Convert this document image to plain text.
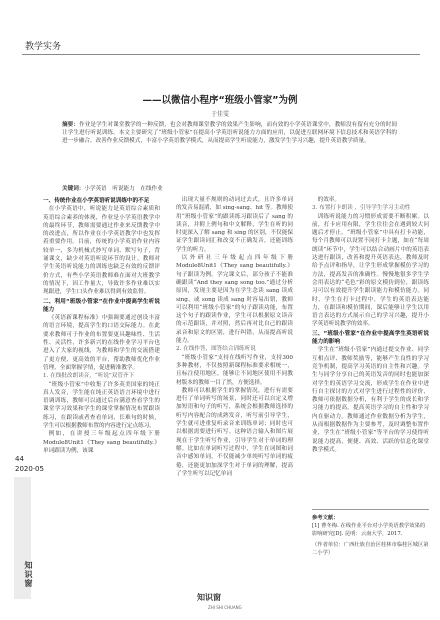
教学实务
——以微信小程序“班级小管家”为例
于佳雯
摘要：作业是学生对课堂教学的一种反馈，也会对教师课堂教学的效果产生影响，而有效的小学英语课堂中，教师没有留有充分的时间让学生进行听说训练。本文主要研究了“班级小管家”在提高小学英语听说能力方面的应用，以促进互联网环境下信息技术和英语学科的进一步融合，改善作业反馈模式，丰富小学英语教学模式，从而提高学生听说能力，激发学生学习兴趣，提升英语教学质量。
关键词：小学英语　听说能力　在线作业

一、传统作业在小学英语听说训练中的不足

在小学英语中，听说能力是英语综合素质和英语综合素养的体现，作业是小学英语教学中的最终环节，教师需要通过作业来反馈教学中的改进点，所以作业在小学英语教学中也发挥着重要作用。目前，传统的小学英语作业内容较单一，多为机械式抄写单词、默写句子、背诵课文，缺少对英语听说环节的设计。教师对学生英语听说能力的训练也缺乏有效的反馈评价方式，有些小学英语教师难在面对大班教学的情况下，因工作量大，导致许多作业难以实现跟进，学生口头作业难以得到有效监督。

二、利用“班级小管家”在作业中提高学生听说能力

《英语新课程标准》中强调要通过创设丰富的语言环境，提高学生的口语交际能力。在此要求教师可于作业的布置要更具趣味性、生活性、灵活性，许多新兴的在线作业学习平台也进入了大家的视线，为教师和学生的交流搭建了更方便、更高效的平台，帮助教师优化作业管理，全面掌握学情，促进精准教学。

1. 在线批改朗读音，“听说”双管齐下

“班级小管家”中收集了许多英美国家的纯正真人发音，学生能在纯正英语语言环境中进行语调训练，教师可以通过后台满意查看学生的课堂学习效果和学生的课堂掌握情况布置跟读练习，在跟读或者查看单词、长难句的时候，学生可以根据教师布置的内容进行定点练习。

例如，在讲授三年级起点四年级下册 Module8Unit1《They sang beautifully.》单词跟读为例，该课

出现大量不规则的动词过去式，且许多单词的发音易混淆，如 sing-sang、hit 等。教师使用“班级小管家”的跟读练习跟读后了 sang 的读音，并附上例句和中文解释，学生在听的同时更深入了解 sang 和 sing 的区别，不仅能保证学生跟读词汇和改变不正确发音，还能训练学生的听力。

以外研社三年级起点四年级下册 Module8Unit1《They sang beautifully.》句子跟读为例，学完课文后，部分孩子不能准确跟读“And they sang song too.”通过分析原因，发现主要是因为在学生念读 sang 读成 sing，或 song 读成 sang 时容易出错，教师可以利用“班级小管家”的句子跟读功能，布置这个句子的跟读作业，学生可以根据原文读音的示范跟读，并对照，然后再对比自己的跟读录音和原文的区别，进行纠错，从而提高听说能力。

2. 在线作答，图答结合训练听说

“班级小管家”支持在线听写作业，支持300多种教材，不仅按照新课程标准要求相统一，且标注使用地区，能够让不同地区使用不同教材版本的教师一目了然，方便选择。

教师可以根据学生的掌握情况，进行有需要进行了单词听写的场景，同时还可以自定义增加短语和句子的听写，系统会根据教师选择的听写内容配合的成熟发音，听写前引导学生，学生就可进重复听录音来训练单词；同时也可以根据需要进行听写。这种语言输入和图片展现在于学生听写作业，引导学生对于单词的理解。比如在单词听写过程中，学生在词图和词音中感知单词，不仅能减少单纯听写单词的疲倦，还能更加加深学生对于单词的理解，提高了学生听写以记忆单词

的效率。

3. 布置打卡朗读 ，引导学生学习主动性

训练听说能力的习惯形成需要不断积累。以前，打卡应用有限，学生往往会在遇到较大问题后才停止。“班级小管家”中具有打卡功能，每个月教师可以设置不同打卡主题，如在“每周朗读”环节中，学生可以结合动画片中的英语表达进行跟读，改善和提升英语表达，教师及时给予点评和指导，让学生形成掌握模仿学习的方法，提高发音的准确性。慢慢地很多学生学会用表达的“毛色”彩的原文模仿到位，跟读练习可以有效提升学生跟读能力和模仿能力。同时，学生在打卡过程中，学生的英语表达能力，在跟读和模仿期间，课后能够让学生以用语言表达的方式展示自己的学习兴趣，提升小学英语听说教学的效率。

三、“班级小管家”在作业中提高学生英语听说能力的影响

学生在“班级小管家”内通过提交作业、同学互相点评、教师奖励等，能够产生良性的学习竞争机制，提高学习英语的自主性和兴趣。学生与同学分享自己的英语发音的同时也能加深对学生的英语学习交流，形成学生在作业中进行自主探讨的方式对学生进行过程性的评价，教师可依据数据分析，有利于学生的成长和学习能力的提高，提高英语学习的自主性和学习内在驱动力。教师通过作业数据分析为学生，从而根据数据作为主要参考，及时调整布置作业，学生在“班级小管家”等平台的学习使得听说能力提高，便捷、高效、活跃的信息化课堂教学模式。

参考文献：
[1] 曹冬梅. 在线作业平台对小学英语教学效果的影响研究[D]. 昆明：云南大学，2017.
（作者单位：广西壮族自治区桂林市临桂区城区第二小学）
44
2020·05
知识窗
知识窗
ZHI SHI CHUANG
